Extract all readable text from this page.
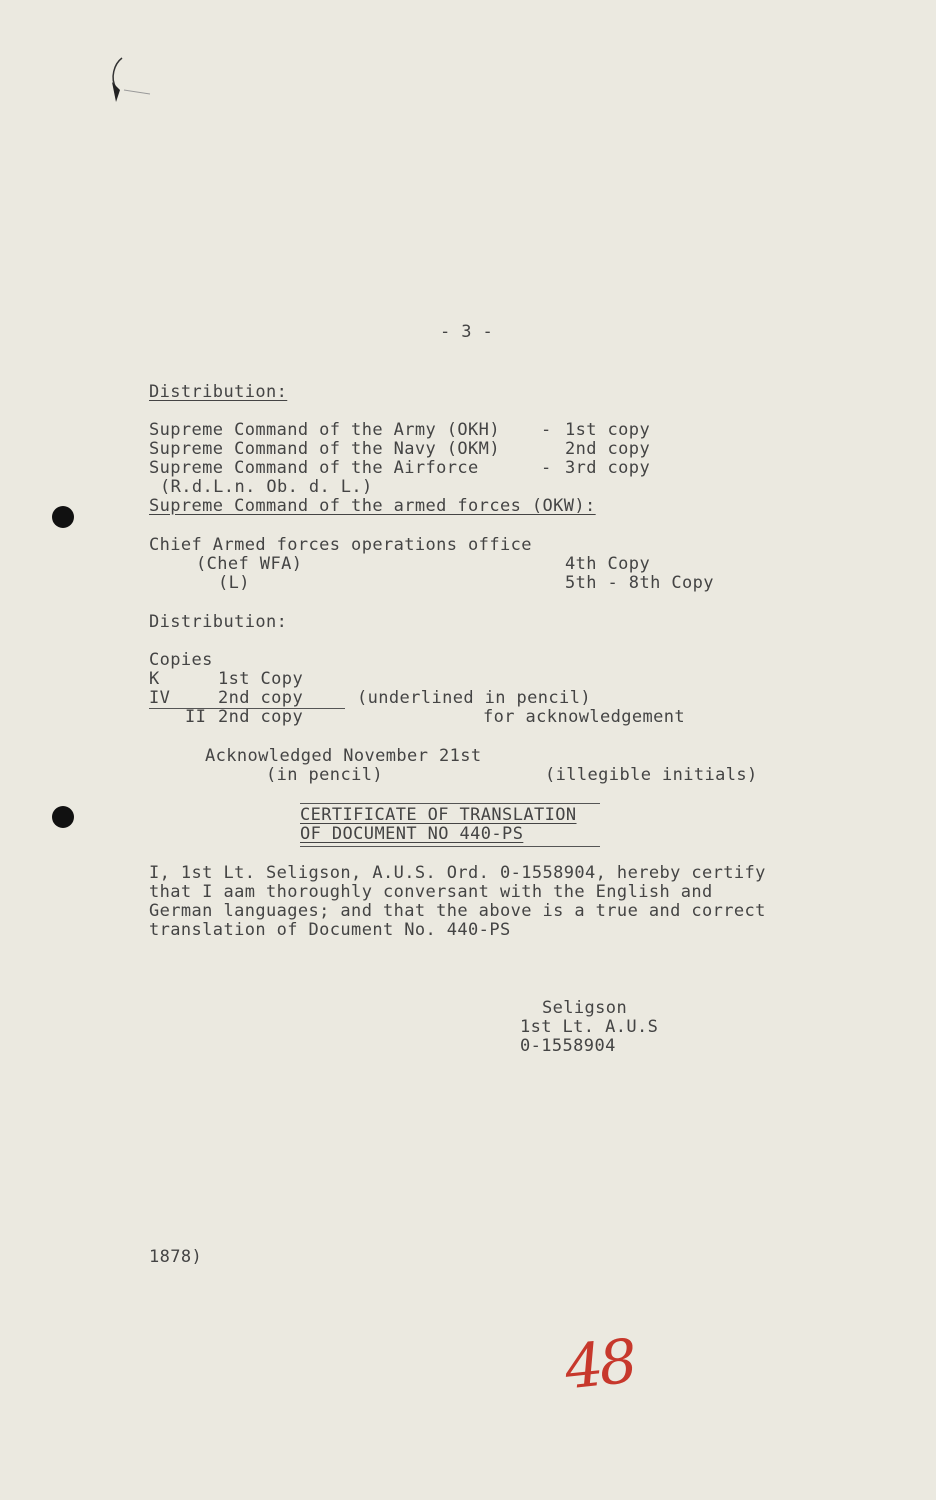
- 3 -
Distribution:
Supreme Command of the Army (OKH) - 1st copy
Supreme Command of the Navy (OKM)	2nd copy
Supreme Command of the Airforce	- 3rd copy
(R.d.L.n. Ob. d. L.)
Supreme Command of the armed forces (OKW):
Chief Armed forces operations office
(Chef WFA)	4th Copy
(L)	5th - 8th Copy
Distribution:
Copies
K	1st Copy
IV	2nd copy	(underlined in pencil)
II 2nd copy	for acknowledgement
Acknowledged November 21st
(in pencil)	(illegible initials)
CERTIFICATE OF TRANSLATION
OF DOCUMENT NO 440-PS
I, 1st Lt. Seligson, A.U.S. Ord. 0-1558904, hereby certify
that I aam thoroughly conversant with the English and
German languages; and that the above is a true and correct
translation of Document No. 440-PS
Seligson
1st Lt. A.U.S
0-1558904
1878)
48
